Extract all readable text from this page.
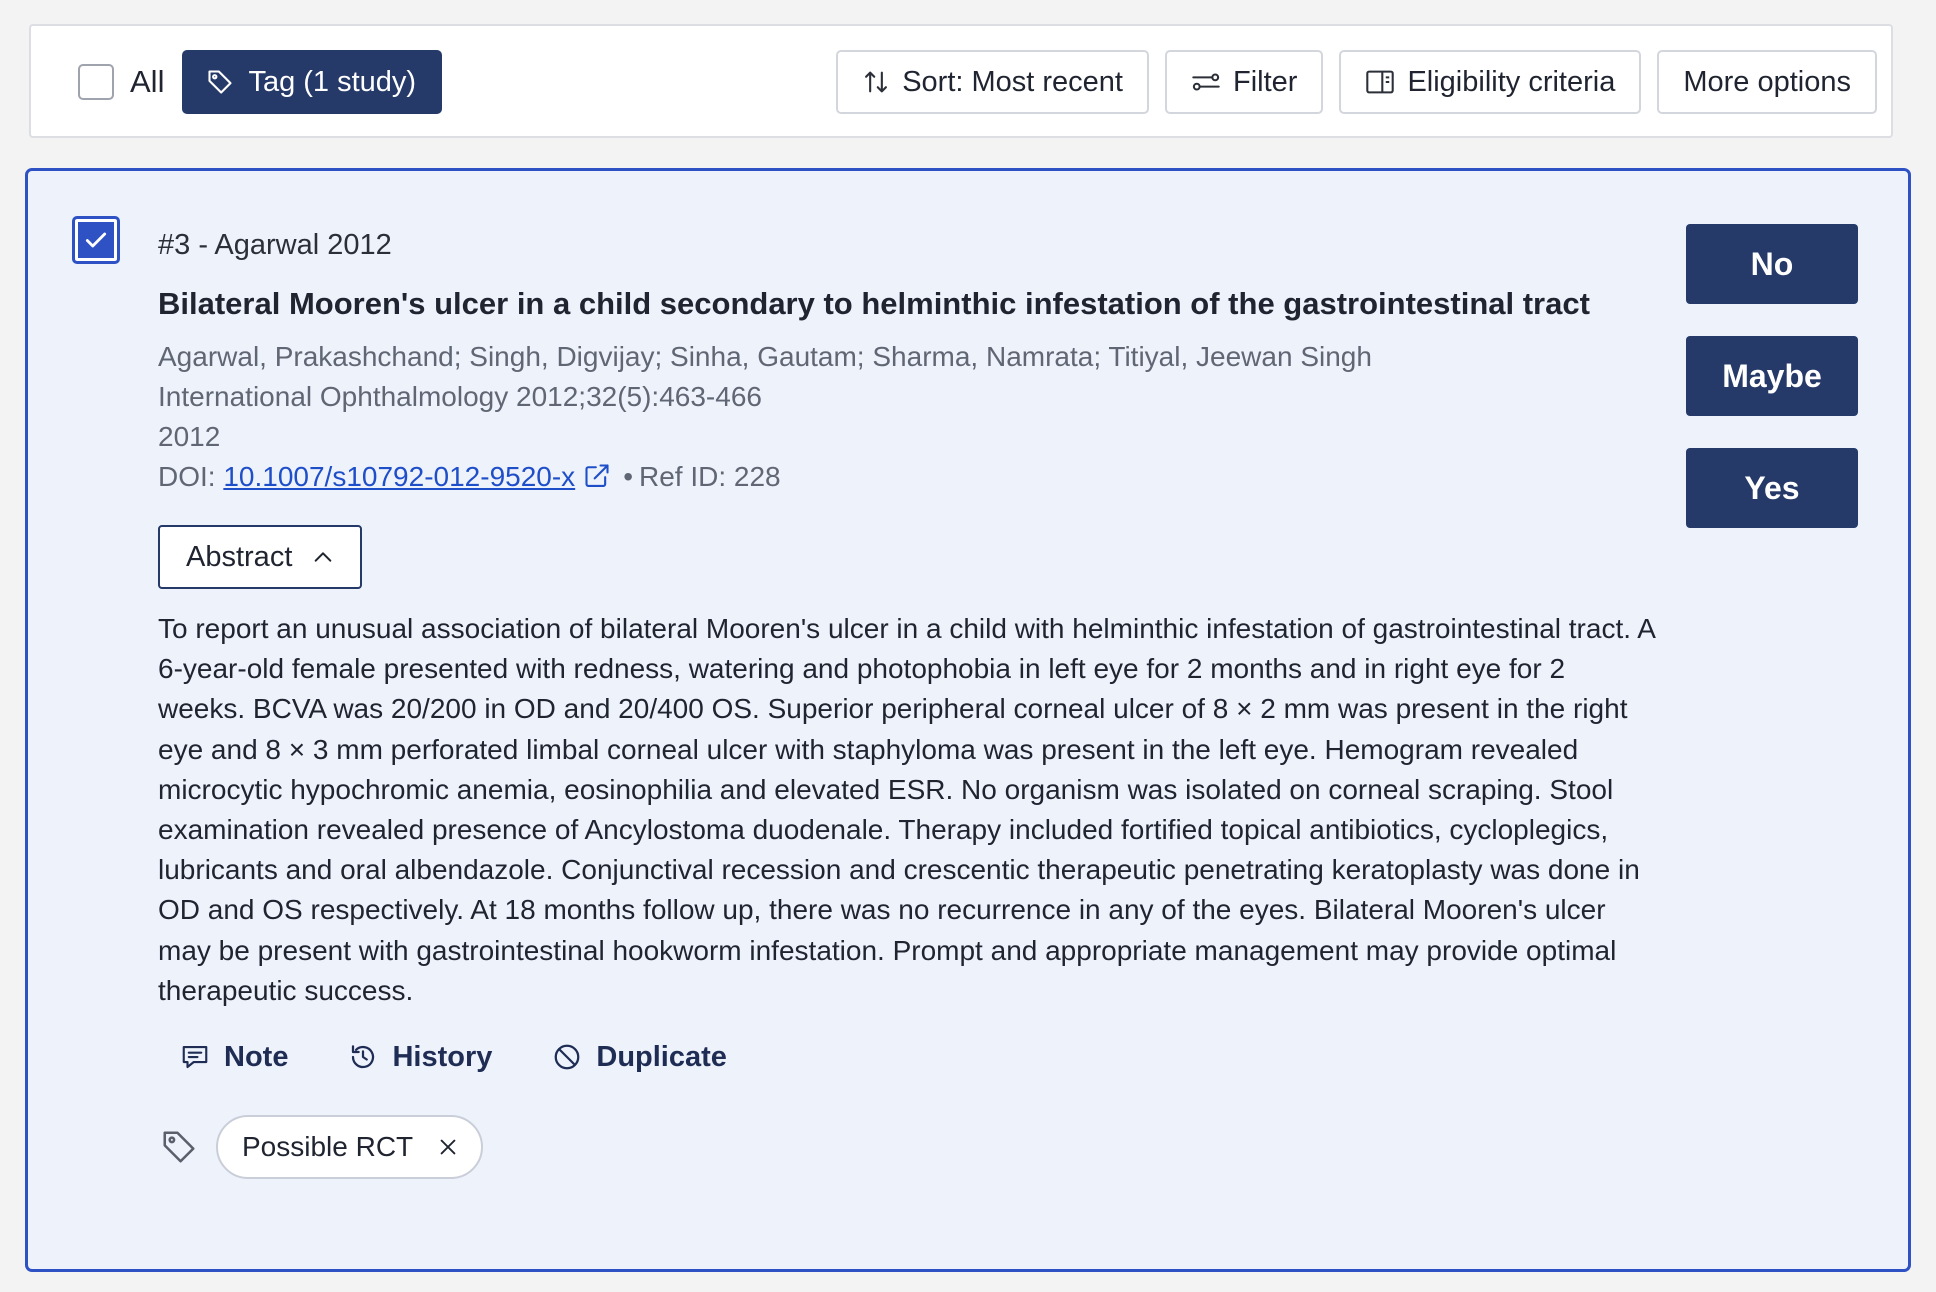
All	Tag (1 study)	Sort: Most recent	Filter	Eligibility criteria More options
#3 - Agarwal 2012
Bilateral Mooren's ulcer in a child secondary to helminthic infestation of the gastrointestinal tract
Agarwal, Prakashchand; Singh, Digvijay; Sinha, Gautam; Sharma, Namrata; Titiyal, Jeewan Singh
International Ophthalmology 2012;32(5):463-466
2012
DOI: 10.1007/s10792-012-9520-x • Ref ID: 228
Abstract
To report an unusual association of bilateral Mooren's ulcer in a child with helminthic infestation of gastrointestinal tract. A 6-year-old female presented with redness, watering and photophobia in left eye for 2 months and in right eye for 2 weeks. BCVA was 20/200 in OD and 20/400 OS. Superior peripheral corneal ulcer of 8 × 2 mm was present in the right eye and 8 × 3 mm perforated limbal corneal ulcer with staphyloma was present in the left eye. Hemogram revealed microcytic hypochromic anemia, eosinophilia and elevated ESR. No organism was isolated on corneal scraping. Stool examination revealed presence of Ancylostoma duodenale. Therapy included fortified topical antibiotics, cycloplegics, lubricants and oral albendazole. Conjunctival recession and crescentic therapeutic penetrating keratoplasty was done in OD and OS respectively. At 18 months follow up, there was no recurrence in any of the eyes. Bilateral Mooren's ulcer may be present with gastrointestinal hookworm infestation. Prompt and appropriate management may provide optimal therapeutic success.
Note	History	Duplicate
Possible RCT
No
Maybe
Yes
